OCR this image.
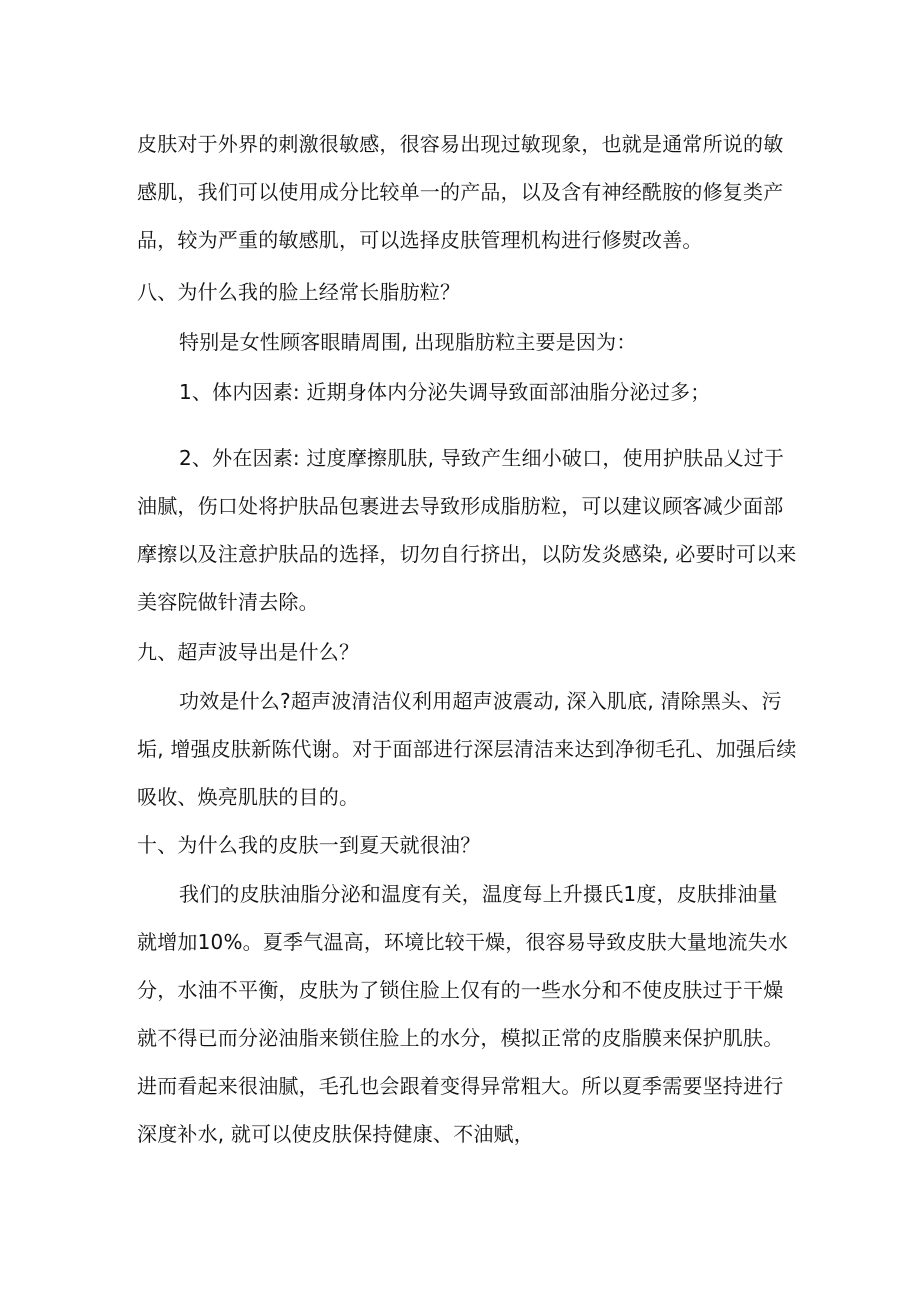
皮肤对于外界的刺激很敏感，很容易出现过敏现象，也就是通常所说的敏
感肌，我们可以使用成分比较单一的产品，以及含有神经酰胺的修复类产
品，较为严重的敏感肌，可以选择皮肤管理机构进行修熨改善。
八、为什么我的脸上经常长脂肪粒？
特别是女性顾客眼睛周围, 出现脂肪粒主要是因为：
1、体内因素: 近期身体内分泌失调导致面部油脂分泌过多；
2、外在因素: 过度摩擦肌肤, 导致产生细小破口，使用护肤品乂过于
油腻，伤口处将护肤品包裹进去导致形成脂肪粒，可以建议顾客减少面部
摩擦以及注意护肤品的选择，切勿自行挤出，以防发炎感染, 必要时可以来
美容院做针清去除。
九、超声波导出是什么？
功效是什么?超声波清洁仪利用超声波震动, 深入肌底, 清除黑头、污
垢, 增强皮肤新陈代谢。对于面部进行深层清洁来达到净彻毛孔、加强后续
吸收、焕亮肌肤的目的。
十、为什么我的皮肤一到夏天就很油？
我们的皮肤油脂分泌和温度有关，温度每上升摄氏1度，皮肤排油量
就增加10%。夏季气温高，环境比较干燥，很容易导致皮肤大量地流失水
分，水油不平衡，皮肤为了锁住脸上仅有的一些水分和不使皮肤过于干燥
就不得已而分泌油脂来锁住脸上的水分，模拟正常的皮脂膜来保护肌肤。
进而看起来很油腻，毛孔也会跟着变得异常粗大。所以夏季需要坚持进行
深度补水, 就可以使皮肤保持健康、不油赋，
